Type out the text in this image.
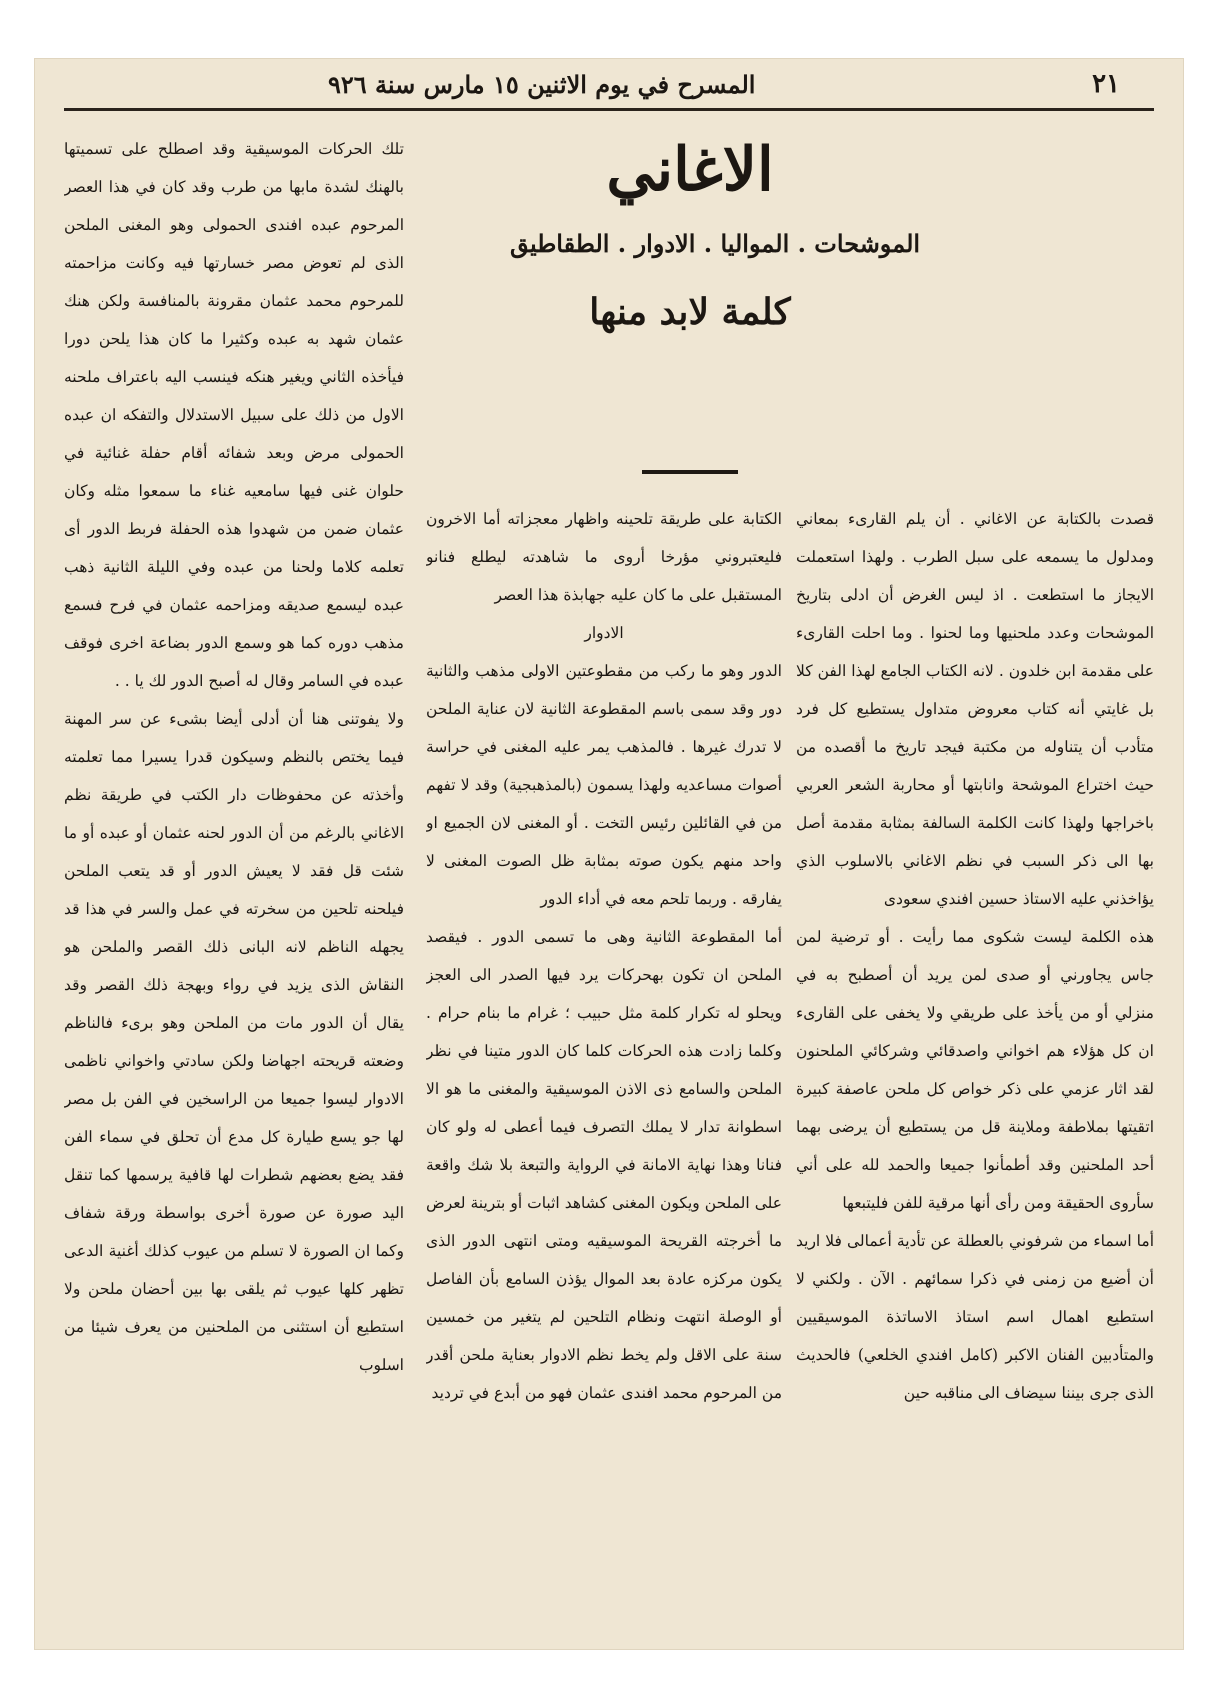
المسرح في يوم الاثنين ١٥ مارس سنة ٩٢٦	٢١
الاغاني
الموشحات . المواليا . الادوار . الطقاطيق
كلمة لابد منها

قصدت بالكتابة عن الاغاني . أن يلم القارىء بمعاني ومدلول ما يسمعه على سبل الطرب . ولهذا استعملت الايجاز ما استطعت . اذ ليس الغرض أن ادلى بتاريخ الموشحات وعدد ملحنيها وما لحنوا . وما احلت القارىء على مقدمة ابن خلدون . لانه الكتاب الجامع لهذا الفن كلا بل غايتي أنه كتاب معروض متداول يستطيع كل فرد متأدب أن يتناوله من مكتبة فيجد تاريخ ما أقصده من حيث اختراع الموشحة وانابتها أو محاربة الشعر العربي باخراجها ولهذا كانت الكلمة السالفة بمثابة مقدمة أصل بها الى ذكر السبب في نظم الاغاني بالاسلوب الذي يؤاخذني عليه الاستاذ حسين افندي سعودى

هذه الكلمة ليست شكوى مما رأيت . أو ترضية لمن جاس يجاورني أو صدى لمن يريد أن أصطبح به في منزلي أو من يأخذ على طريقي ولا يخفى على القارىء ان كل هؤلاء هم اخواني واصدقائي وشركائي الملحنون لقد اثار عزمي على ذكر خواص كل ملحن عاصفة كبيرة اتقيتها بملاطفة وملاينة قل من يستطيع أن يرضى بهما أحد الملحنين وقد أطمأنوا جميعا والحمد لله على أني سأروى الحقيقة ومن رأى أنها مرقية للفن فليتبعها

أما اسماء من شرفوني بالعطلة عن تأدية أعمالى فلا اريد أن أضيع من زمنى في ذكرا سمائهم . الآن . ولكني لا استطيع اهمال اسم استاذ الاساتذة الموسيقيين والمتأدبين الفنان الاكبر (كامل افندي الخلعي) فالحديث الذى جرى بيننا سيضاف الى مناقبه حين

الكتابة على طريقة تلحينه واظهار معجزاته أما الاخرون فليعتبروني مؤرخا أروى ما شاهدته ليطلع فنانو المستقبل على ما كان عليه جهابذة هذا العصر

الادوار

الدور وهو ما ركب من مقطوعتين الاولى مذهب والثانية دور وقد سمى باسم المقطوعة الثانية لان عناية الملحن لا تدرك غيرها . فالمذهب يمر عليه المغنى في حراسة أصوات مساعديه ولهذا يسمون (بالمذهبجية) وقد لا تفهم من في القائلين رئيس التخت . أو المغنى لان الجميع او واحد منهم يكون صوته بمثابة ظل الصوت المغنى لا يفارقه . وربما تلحم معه في أداء الدور

أما المقطوعة الثانية وهى ما تسمى الدور . فيقصد الملحن ان تكون بهحركات يرد فيها الصدر الى العجز ويحلو له تكرار كلمة مثل حبيب ؛ غرام ما بنام حرام . وكلما زادت هذه الحركات كلما كان الدور متينا في نظر الملحن والسامع ذى الاذن الموسيقية والمغنى ما هو الا اسطوانة تدار لا يملك التصرف فيما أعطى له ولو كان فنانا وهذا نهاية الامانة في الرواية والتبعة بلا شك واقعة على الملحن ويكون المغنى كشاهد اثبات أو بترينة لعرض ما أخرجته القريحة الموسيقيه ومتى انتهى الدور الذى يكون مركزه عادة بعد الموال يؤذن السامع بأن الفاصل أو الوصلة انتهت ونظام التلحين لم يتغير من خمسين سنة على الاقل ولم يخط نظم الادوار بعناية ملحن أقدر من المرحوم محمد افندى عثمان فهو من أبدع في ترديد

تلك الحركات الموسيقية وقد اصطلح على تسميتها بالهنك لشدة مابها من طرب وقد كان في هذا العصر المرحوم عبده افندى الحمولى وهو المغنى الملحن الذى لم تعوض مصر خسارتها فيه وكانت مزاحمته للمرحوم محمد عثمان مقرونة بالمنافسة ولكن هنك عثمان شهد به عبده وكثيرا ما كان هذا يلحن دورا فيأخذه الثاني ويغير هنكه فينسب اليه باعتراف ملحنه الاول من ذلك على سبيل الاستدلال والتفكه ان عبده الحمولى مرض وبعد شفائه أقام حفلة غنائية في حلوان غنى فيها سامعيه غناء ما سمعوا مثله وكان عثمان ضمن من شهدوا هذه الحفلة فربط الدور أى تعلمه كلاما ولحنا من عبده وفي الليلة الثانية ذهب عبده ليسمع صديقه ومزاحمه عثمان في فرح فسمع مذهب دوره كما هو وسمع الدور بضاعة اخرى فوقف عبده في السامر وقال له أصبح الدور لك يا . .

ولا يفوتنى هنا أن أدلى أيضا بشىء عن سر المهنة فيما يختص بالنظم وسيكون قدرا يسيرا مما تعلمته وأخذته عن محفوظات دار الكتب في طريقة نظم الاغاني بالرغم من أن الدور لحنه عثمان أو عبده أو ما شئت قل فقد لا يعيش الدور أو قد يتعب الملحن فيلحنه تلحين من سخرته في عمل والسر في هذا قد يجهله الناظم لانه البانى ذلك القصر والملحن هو النقاش الذى يزيد في رواء وبهجة ذلك القصر وقد يقال أن الدور مات من الملحن وهو برىء فالناظم وضعته قريحته اجهاضا ولكن سادتي واخواني ناظمى الادوار ليسوا جميعا من الراسخين في الفن بل مصر لها جو يسع طيارة كل مدع أن تحلق في سماء الفن فقد يضع بعضهم شطرات لها قافية يرسمها كما تنقل اليد صورة عن صورة أخرى بواسطة ورقة شفاف وكما ان الصورة لا تسلم من عيوب كذلك أغنية الدعى تظهر كلها عيوب ثم يلقى بها بين أحضان ملحن ولا استطيع أن استثنى من الملحنين من يعرف شيئا من اسلوب
